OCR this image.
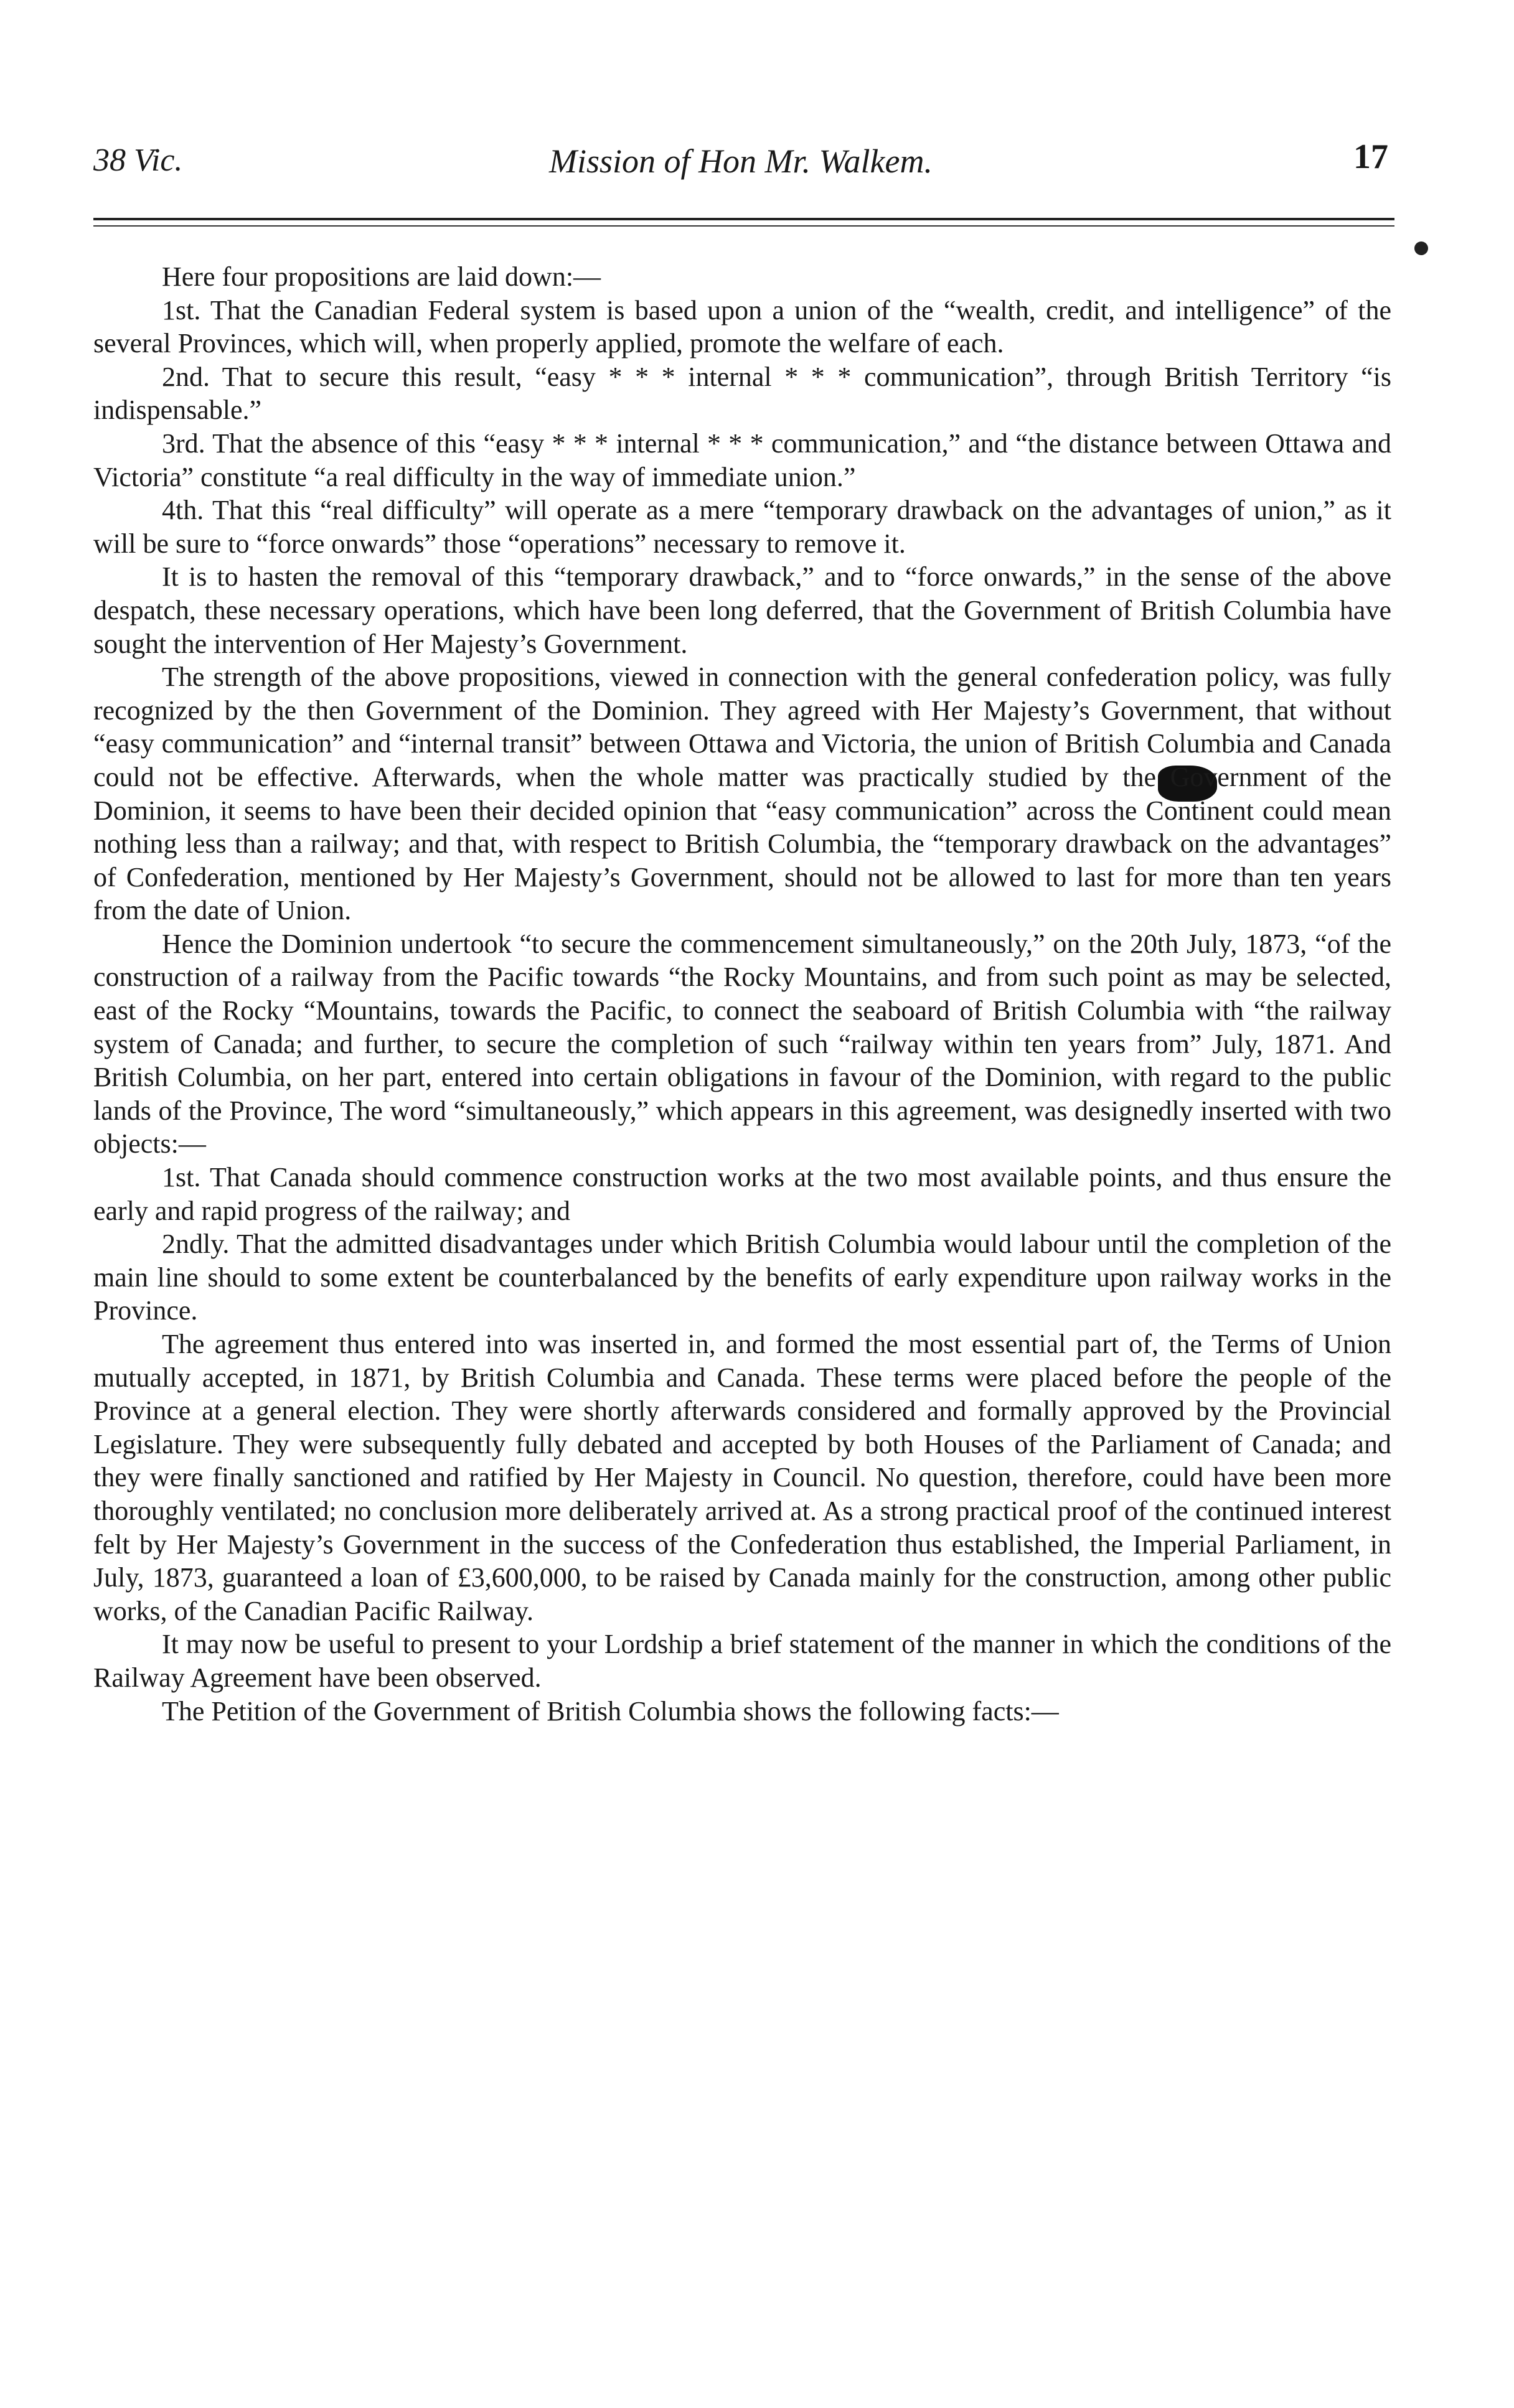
38 Vic.	Mission of Hon Mr. Walkem.	17

Here four propositions are laid down:—

1st. That the Canadian Federal system is based upon a union of the “wealth, credit, and intelligence” of the several Provinces, which will, when properly applied, promote the welfare of each.

2nd. That to secure this result, “easy * * * internal * * * communication”, through British Territory “is indispensable.”

3rd. That the absence of this “easy * * * internal * * * communication,” and “the distance between Ottawa and Victoria” constitute “a real difficulty in the way of immediate union.”

4th. That this “real difficulty” will operate as a mere “temporary drawback on the advantages of union,” as it will be sure to “force onwards” those “operations” necessary to remove it.

It is to hasten the removal of this “temporary drawback,” and to “force onwards,” in the sense of the above despatch, these necessary operations, which have been long deferred, that the Government of British Columbia have sought the intervention of Her Majesty’s Government.

The strength of the above propositions, viewed in connection with the general confederation policy, was fully recognized by the then Government of the Dominion. They agreed with Her Majesty’s Government, that without “easy communication” and “internal transit” between Ottawa and Victoria, the union of British Columbia and Canada could not be effective. Afterwards, when the whole matter was practically studied by the Government of the Dominion, it seems to have been their decided opinion that “easy communication” across the Continent could mean nothing less than a railway; and that, with respect to British Columbia, the “temporary drawback on the advantages” of Confederation, mentioned by Her Majesty’s Government, should not be allowed to last for more than ten years from the date of Union.

Hence the Dominion undertook “to secure the commencement simultaneously,” on the 20th July, 1873, “of the construction of a railway from the Pacific towards “the Rocky Mountains, and from such point as may be selected, east of the Rocky “Mountains, towards the Pacific, to connect the seaboard of British Columbia with “the railway system of Canada; and further, to secure the completion of such “railway within ten years from” July, 1871. And British Columbia, on her part, entered into certain obligations in favour of the Dominion, with regard to the public lands of the Province, The word “simultaneously,” which appears in this agreement, was designedly inserted with two objects:—

1st. That Canada should commence construction works at the two most available points, and thus ensure the early and rapid progress of the railway; and

2ndly. That the admitted disadvantages under which British Columbia would labour until the completion of the main line should to some extent be counterbalanced by the benefits of early expenditure upon railway works in the Province.

The agreement thus entered into was inserted in, and formed the most essential part of, the Terms of Union mutually accepted, in 1871, by British Columbia and Canada. These terms were placed before the people of the Province at a general election. They were shortly afterwards considered and formally approved by the Provincial Legislature. They were subsequently fully debated and accepted by both Houses of the Parliament of Canada; and they were finally sanctioned and ratified by Her Majesty in Council. No question, therefore, could have been more thoroughly ventilated; no conclusion more deliberately arrived at. As a strong practical proof of the continued interest felt by Her Majesty’s Government in the success of the Confederation thus established, the Imperial Parliament, in July, 1873, guaranteed a loan of £3,600,000, to be raised by Canada mainly for the construction, among other public works, of the Canadian Pacific Railway.

It may now be useful to present to your Lordship a brief statement of the manner in which the conditions of the Railway Agreement have been observed.

The Petition of the Government of British Columbia shows the following facts:—
